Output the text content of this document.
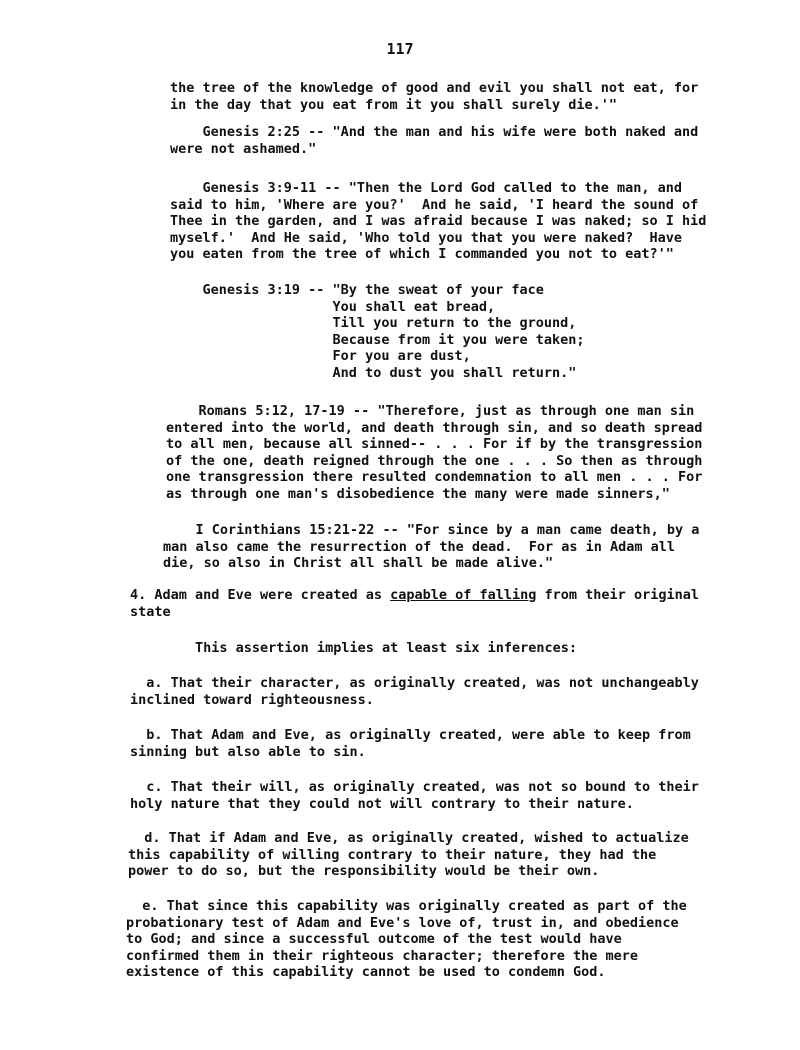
117
the tree of the knowledge of good and evil you shall not eat, for
in the day that you eat from it you shall surely die.'"
Genesis 2:25 -- "And the man and his wife were both naked and
were not ashamed."
Genesis 3:9-11 -- "Then the Lord God called to the man, and
said to him, 'Where are you?'  And he said, 'I heard the sound of
Thee in the garden, and I was afraid because I was naked; so I hid
myself.'  And He said, 'Who told you that you were naked?  Have
you eaten from the tree of which I commanded you not to eat?'"
Genesis 3:19 -- "By the sweat of your face
You shall eat bread,
Till you return to the ground,
Because from it you were taken;
For you are dust,
And to dust you shall return."
Romans 5:12, 17-19 -- "Therefore, just as through one man sin
entered into the world, and death through sin, and so death spread
to all men, because all sinned-- . . . For if by the transgression
of the one, death reigned through the one . . . So then as through
one transgression there resulted condemnation to all men . . . For
as through one man's disobedience the many were made sinners,"
I Corinthians 15:21-22 -- "For since by a man came death, by a
man also came the resurrection of the dead.  For as in Adam all
die, so also in Christ all shall be made alive."
4. Adam and Eve were created as capable of falling from their original
state
This assertion implies at least six inferences:
a. That their character, as originally created, was not unchangeably
inclined toward righteousness.
b. That Adam and Eve, as originally created, were able to keep from
sinning but also able to sin.
c. That their will, as originally created, was not so bound to their
holy nature that they could not will contrary to their nature.
d. That if Adam and Eve, as originally created, wished to actualize
this capability of willing contrary to their nature, they had the
power to do so, but the responsibility would be their own.
e. That since this capability was originally created as part of the
probationary test of Adam and Eve's love of, trust in, and obedience
to God; and since a successful outcome of the test would have
confirmed them in their righteous character; therefore the mere
existence of this capability cannot be used to condemn God.
